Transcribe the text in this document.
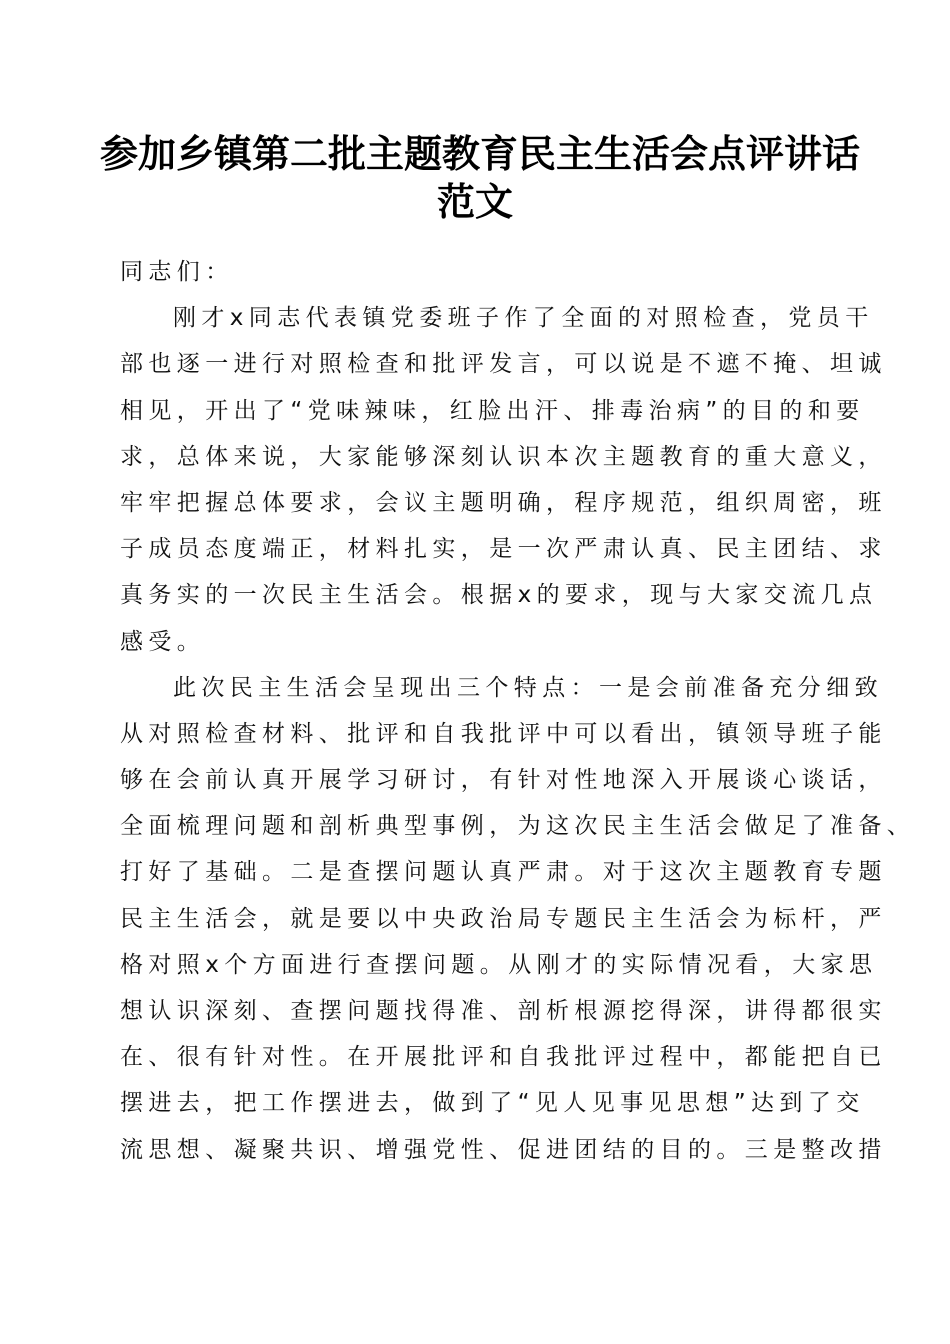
参加乡镇第二批主题教育民主生活会点评讲话
范文
同志们：
刚才x同志代表镇党委班子作了全面的对照检查，党员干
部也逐一进行对照检查和批评发言，可以说是不遮不掩、坦诚
相见，开出了“党味辣味，红脸出汗、排毒治病”的目的和要
求，总体来说，大家能够深刻认识本次主题教育的重大意义，
牢牢把握总体要求，会议主题明确，程序规范，组织周密，班
子成员态度端正，材料扎实，是一次严肃认真、民主团结、求
真务实的一次民主生活会。根据x的要求，现与大家交流几点
感受。
此次民主生活会呈现出三个特点：一是会前准备充分细致
从对照检查材料、批评和自我批评中可以看出，镇领导班子能
够在会前认真开展学习研讨，有针对性地深入开展谈心谈话，
全面梳理问题和剖析典型事例，为这次民主生活会做足了准备、
打好了基础。二是查摆问题认真严肃。对于这次主题教育专题
民主生活会，就是要以中央政治局专题民主生活会为标杆，严
格对照x个方面进行查摆问题。从刚才的实际情况看，大家思
想认识深刻、查摆问题找得准、剖析根源挖得深，讲得都很实
在、很有针对性。在开展批评和自我批评过程中，都能把自已
摆进去，把工作摆进去，做到了“见人见事见思想”达到了交
流思想、凝聚共识、增强党性、促进团结的目的。三是整改措
